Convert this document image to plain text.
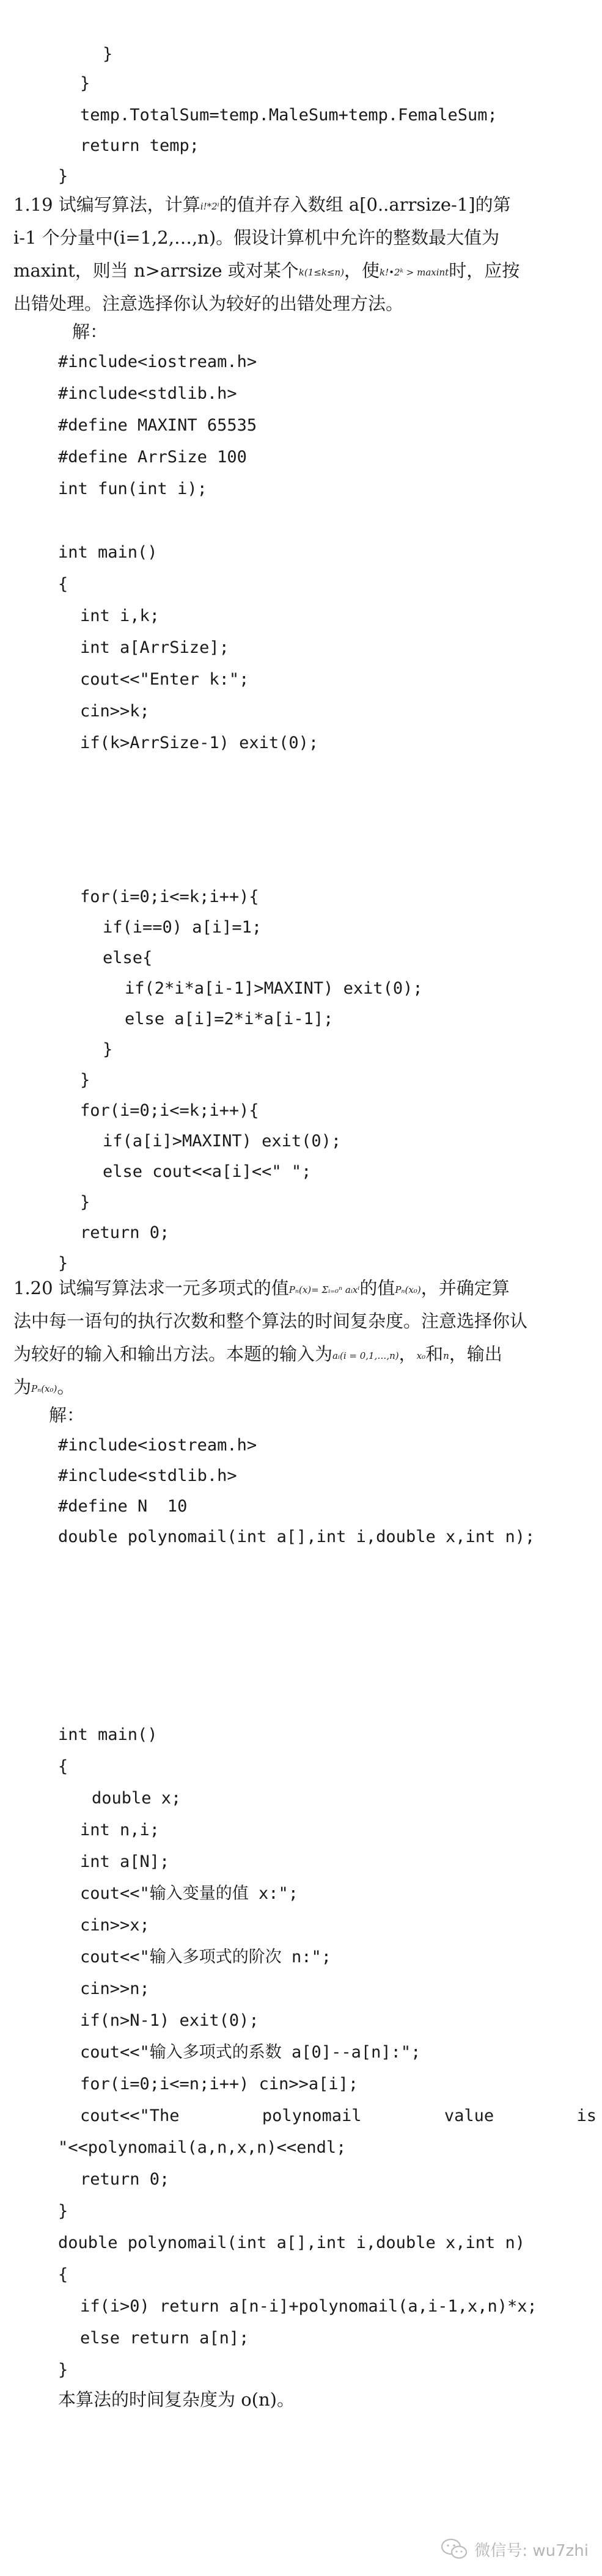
}
}
temp.TotalSum=temp.MaleSum+temp.FemaleSum;
return temp;
}
1.19 试编写算法，计算i!*2ⁱ的值并存入数组 a[0..arrsize-1]的第
i-1 个分量中(i=1,2,…,n)。假设计算机中允许的整数最大值为
maxint，则当 n>arrsize 或对某个k(1≤k≤n)，使k!•2ᵏ > maxint时，应按
出错处理。注意选择你认为较好的出错处理方法。
解：
#include<iostream.h>
#include<stdlib.h>
#define MAXINT 65535
#define ArrSize 100
int fun(int i);
int main()
{
int i,k;
int a[ArrSize];
cout<<"Enter k:";
cin>>k;
if(k>ArrSize-1) exit(0);
for(i=0;i<=k;i++){
if(i==0) a[i]=1;
else{
if(2*i*a[i-1]>MAXINT) exit(0);
else a[i]=2*i*a[i-1];
}
}
for(i=0;i<=k;i++){
if(a[i]>MAXINT) exit(0);
else cout<<a[i]<<" ";
}
return 0;
}
1.20 试编写算法求一元多项式的值Pₙ(x)= Σᵢ₌₀ⁿ aᵢxⁱ的值Pₙ(x₀)，并确定算
法中每一语句的执行次数和整个算法的时间复杂度。注意选择你认
为较好的输入和输出方法。本题的输入为aᵢ(i = 0,1,…,n)，x₀和n，输出
为Pₙ(x₀)。
解：
#include<iostream.h>
#include<stdlib.h>
#define N  10
double polynomail(int a[],int i,double x,int n);
int main()
{
double x;
int n,i;
int a[N];
cout<<"输入变量的值 x:";
cin>>x;
cout<<"输入多项式的阶次 n:";
cin>>n;
if(n>N-1) exit(0);
cout<<"输入多项式的系数 a[0]--a[n]:";
for(i=0;i<=n;i++) cin>>a[i];
cout<<"The	polynomail	value	is
"<<polynomail(a,n,x,n)<<endl;
return 0;
}
double polynomail(int a[],int i,double x,int n)
{
if(i>0) return a[n-i]+polynomail(a,i-1,x,n)*x;
else return a[n];
}
本算法的时间复杂度为 o(n)。
微信号: wu7zhi
